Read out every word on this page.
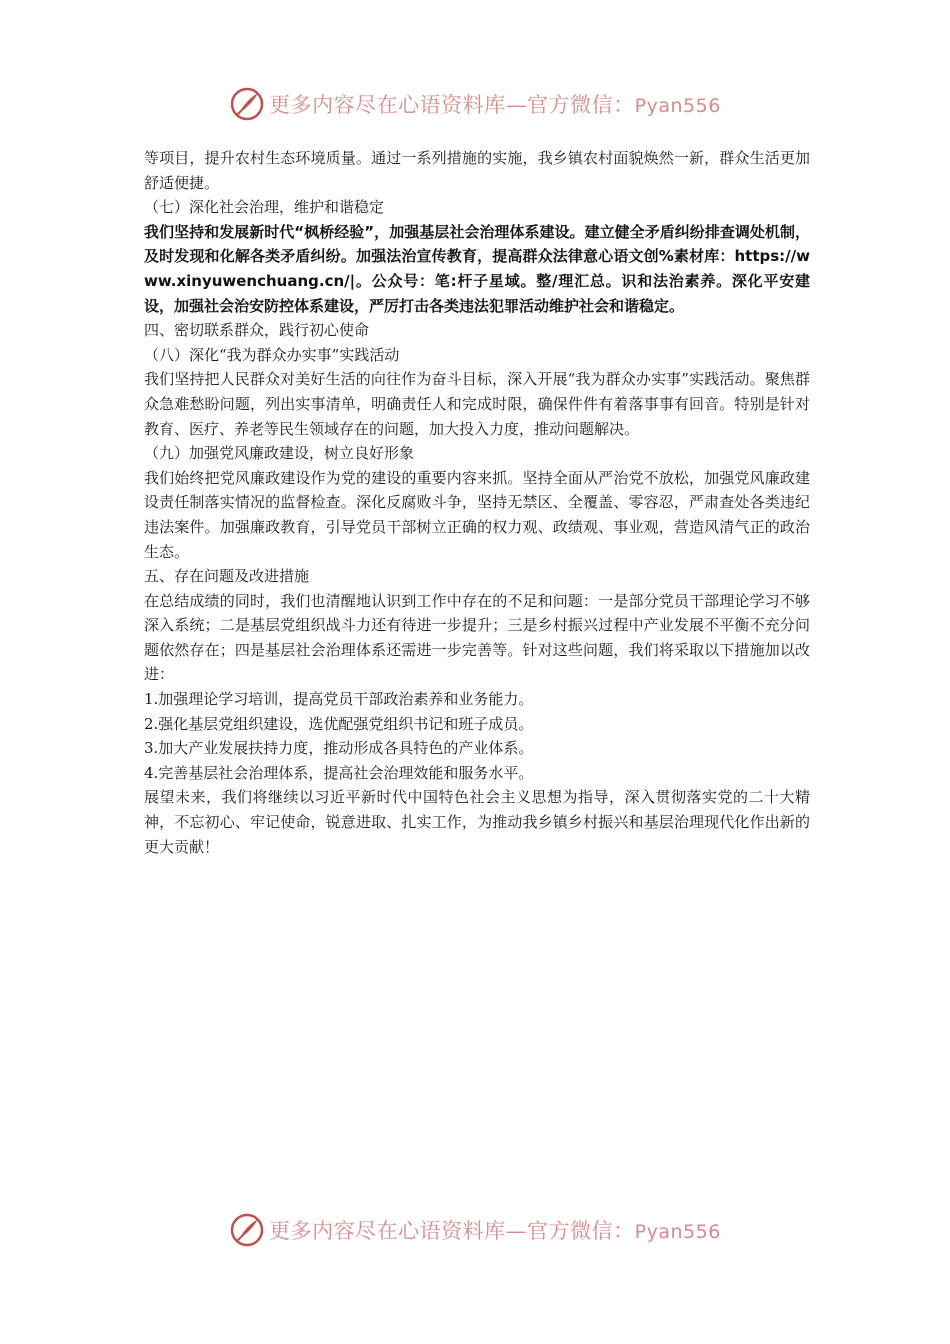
更多内容尽在心语资料库—官方微信：Pyan556

等项目，提升农村生态环境质量。通过一系列措施的实施，我乡镇农村面貌焕然一新，群众生活更加舒适便捷。

（七）深化社会治理，维护和谐稳定

我们坚持和发展新时代“枫桥经验”，加强基层社会治理体系建设。建立健全矛盾纠纷排查调处机制，及时发现和化解各类矛盾纠纷。加强法治宣传教育，提高群众法律意心语文创%素材库：https://www.xinyuwenchuang.cn/|。公众号：笔:杆子星域。整/理汇总。识和法治素养。深化平安建设，加强社会治安防控体系建设，严厉打击各类违法犯罪活动维护社会和谐稳定。

四、密切联系群众，践行初心使命

（八）深化“我为群众办实事”实践活动

我们坚持把人民群众对美好生活的向往作为奋斗目标，深入开展“我为群众办实事”实践活动。聚焦群众急难愁盼问题，列出实事清单，明确责任人和完成时限，确保件件有着落事事有回音。特别是针对教育、医疗、养老等民生领域存在的问题，加大投入力度，推动问题解决。

（九）加强党风廉政建设，树立良好形象

我们始终把党风廉政建设作为党的建设的重要内容来抓。坚持全面从严治党不放松，加强党风廉政建设责任制落实情况的监督检查。深化反腐败斗争，坚持无禁区、全覆盖、零容忍，严肃查处各类违纪违法案件。加强廉政教育，引导党员干部树立正确的权力观、政绩观、事业观，营造风清气正的政治生态。

五、存在问题及改进措施

在总结成绩的同时，我们也清醒地认识到工作中存在的不足和问题：一是部分党员干部理论学习不够深入系统；二是基层党组织战斗力还有待进一步提升；三是乡村振兴过程中产业发展不平衡不充分问题依然存在；四是基层社会治理体系还需进一步完善等。针对这些问题，我们将采取以下措施加以改进：

1.加强理论学习培训，提高党员干部政治素养和业务能力。

2.强化基层党组织建设，选优配强党组织书记和班子成员。

3.加大产业发展扶持力度，推动形成各具特色的产业体系。

4.完善基层社会治理体系，提高社会治理效能和服务水平。

展望未来，我们将继续以习近平新时代中国特色社会主义思想为指导，深入贯彻落实党的二十大精神，不忘初心、牢记使命，锐意进取、扎实工作，为推动我乡镇乡村振兴和基层治理现代化作出新的更大贡献！

更多内容尽在心语资料库—官方微信：Pyan556
